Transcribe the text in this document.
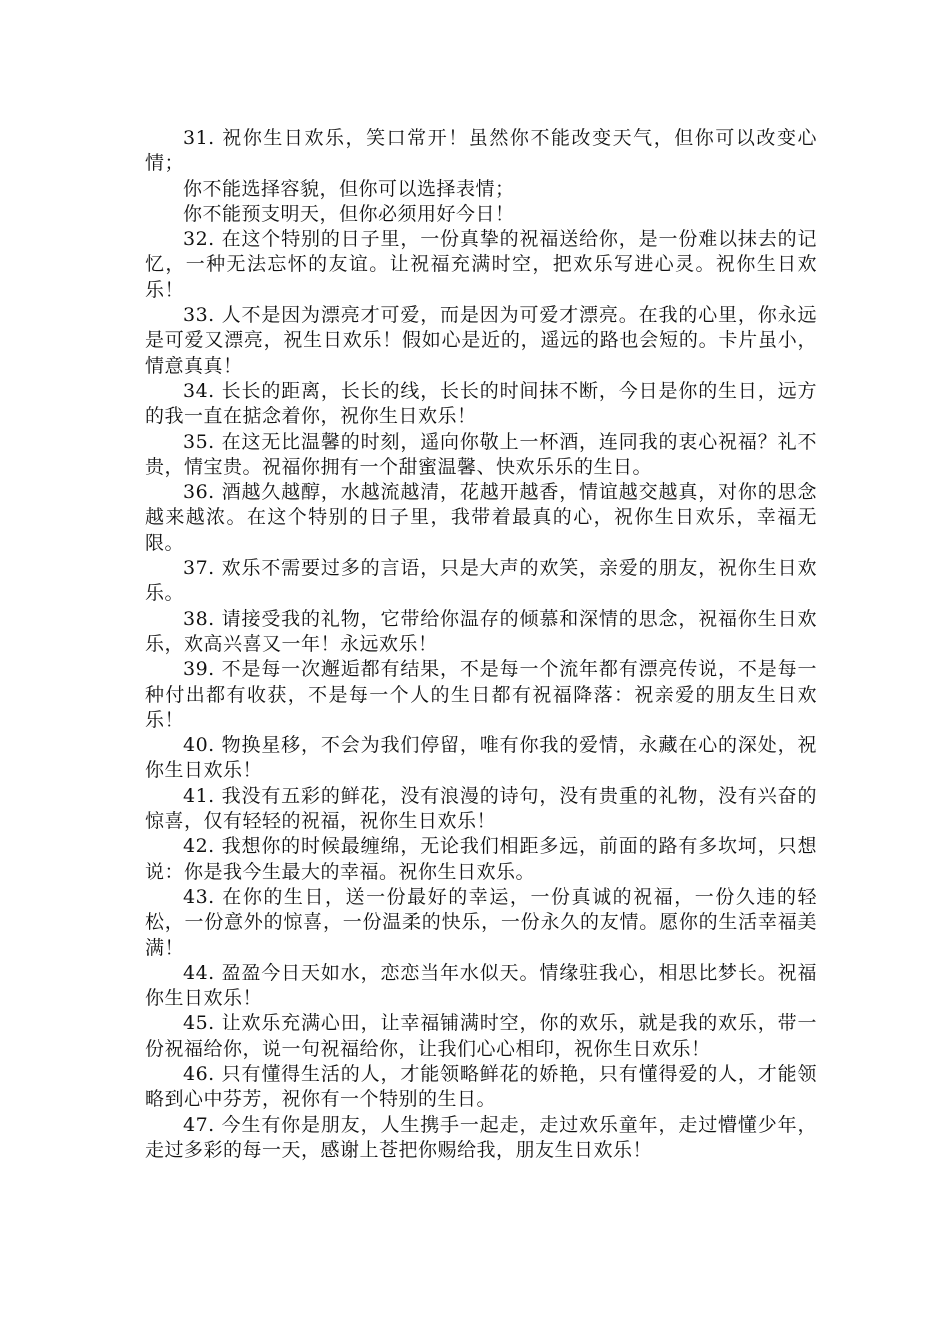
31. 祝你生日欢乐，笑口常开！虽然你不能改变天气，但你可以改变心情；

你不能选择容貌，但你可以选择表情；

你不能预支明天，但你必须用好今日！

32. 在这个特别的日子里，一份真挚的祝福送给你，是一份难以抹去的记忆，一种无法忘怀的友谊。让祝福充满时空，把欢乐写进心灵。祝你生日欢乐！

33. 人不是因为漂亮才可爱，而是因为可爱才漂亮。在我的心里，你永远是可爱又漂亮，祝生日欢乐！假如心是近的，遥远的路也会短的。卡片虽小，情意真真！

34. 长长的距离，长长的线，长长的时间抹不断，今日是你的生日，远方的我一直在掂念着你，祝你生日欢乐！

35. 在这无比温馨的时刻，遥向你敬上一杯酒，连同我的衷心祝福？礼不贵，情宝贵。祝福你拥有一个甜蜜温馨、快欢乐乐的生日。

36. 酒越久越醇，水越流越清，花越开越香，情谊越交越真，对你的思念越来越浓。在这个特别的日子里，我带着最真的心，祝你生日欢乐，幸福无限。

37. 欢乐不需要过多的言语，只是大声的欢笑，亲爱的朋友，祝你生日欢乐。

38. 请接受我的礼物，它带给你温存的倾慕和深情的思念，祝福你生日欢乐，欢高兴喜又一年！永远欢乐！

39. 不是每一次邂逅都有结果，不是每一个流年都有漂亮传说，不是每一种付出都有收获，不是每一个人的生日都有祝福降落：祝亲爱的朋友生日欢乐！

40. 物换星移，不会为我们停留，唯有你我的爱情，永藏在心的深处，祝你生日欢乐！

41. 我没有五彩的鲜花，没有浪漫的诗句，没有贵重的礼物，没有兴奋的惊喜，仅有轻轻的祝福，祝你生日欢乐！

42. 我想你的时候最缠绵，无论我们相距多远，前面的路有多坎坷，只想说：你是我今生最大的幸福。祝你生日欢乐。

43. 在你的生日，送一份最好的幸运，一份真诚的祝福，一份久违的轻松，一份意外的惊喜，一份温柔的快乐，一份永久的友情。愿你的生活幸福美满！

44. 盈盈今日天如水，恋恋当年水似天。情缘驻我心，相思比梦长。祝福你生日欢乐！

45. 让欢乐充满心田，让幸福铺满时空，你的欢乐，就是我的欢乐，带一份祝福给你，说一句祝福给你，让我们心心相印，祝你生日欢乐！

46. 只有懂得生活的人，才能领略鲜花的娇艳，只有懂得爱的人，才能领略到心中芬芳，祝你有一个特别的生日。

47. 今生有你是朋友，人生携手一起走，走过欢乐童年，走过懵懂少年，走过多彩的每一天，感谢上苍把你赐给我，朋友生日欢乐！
